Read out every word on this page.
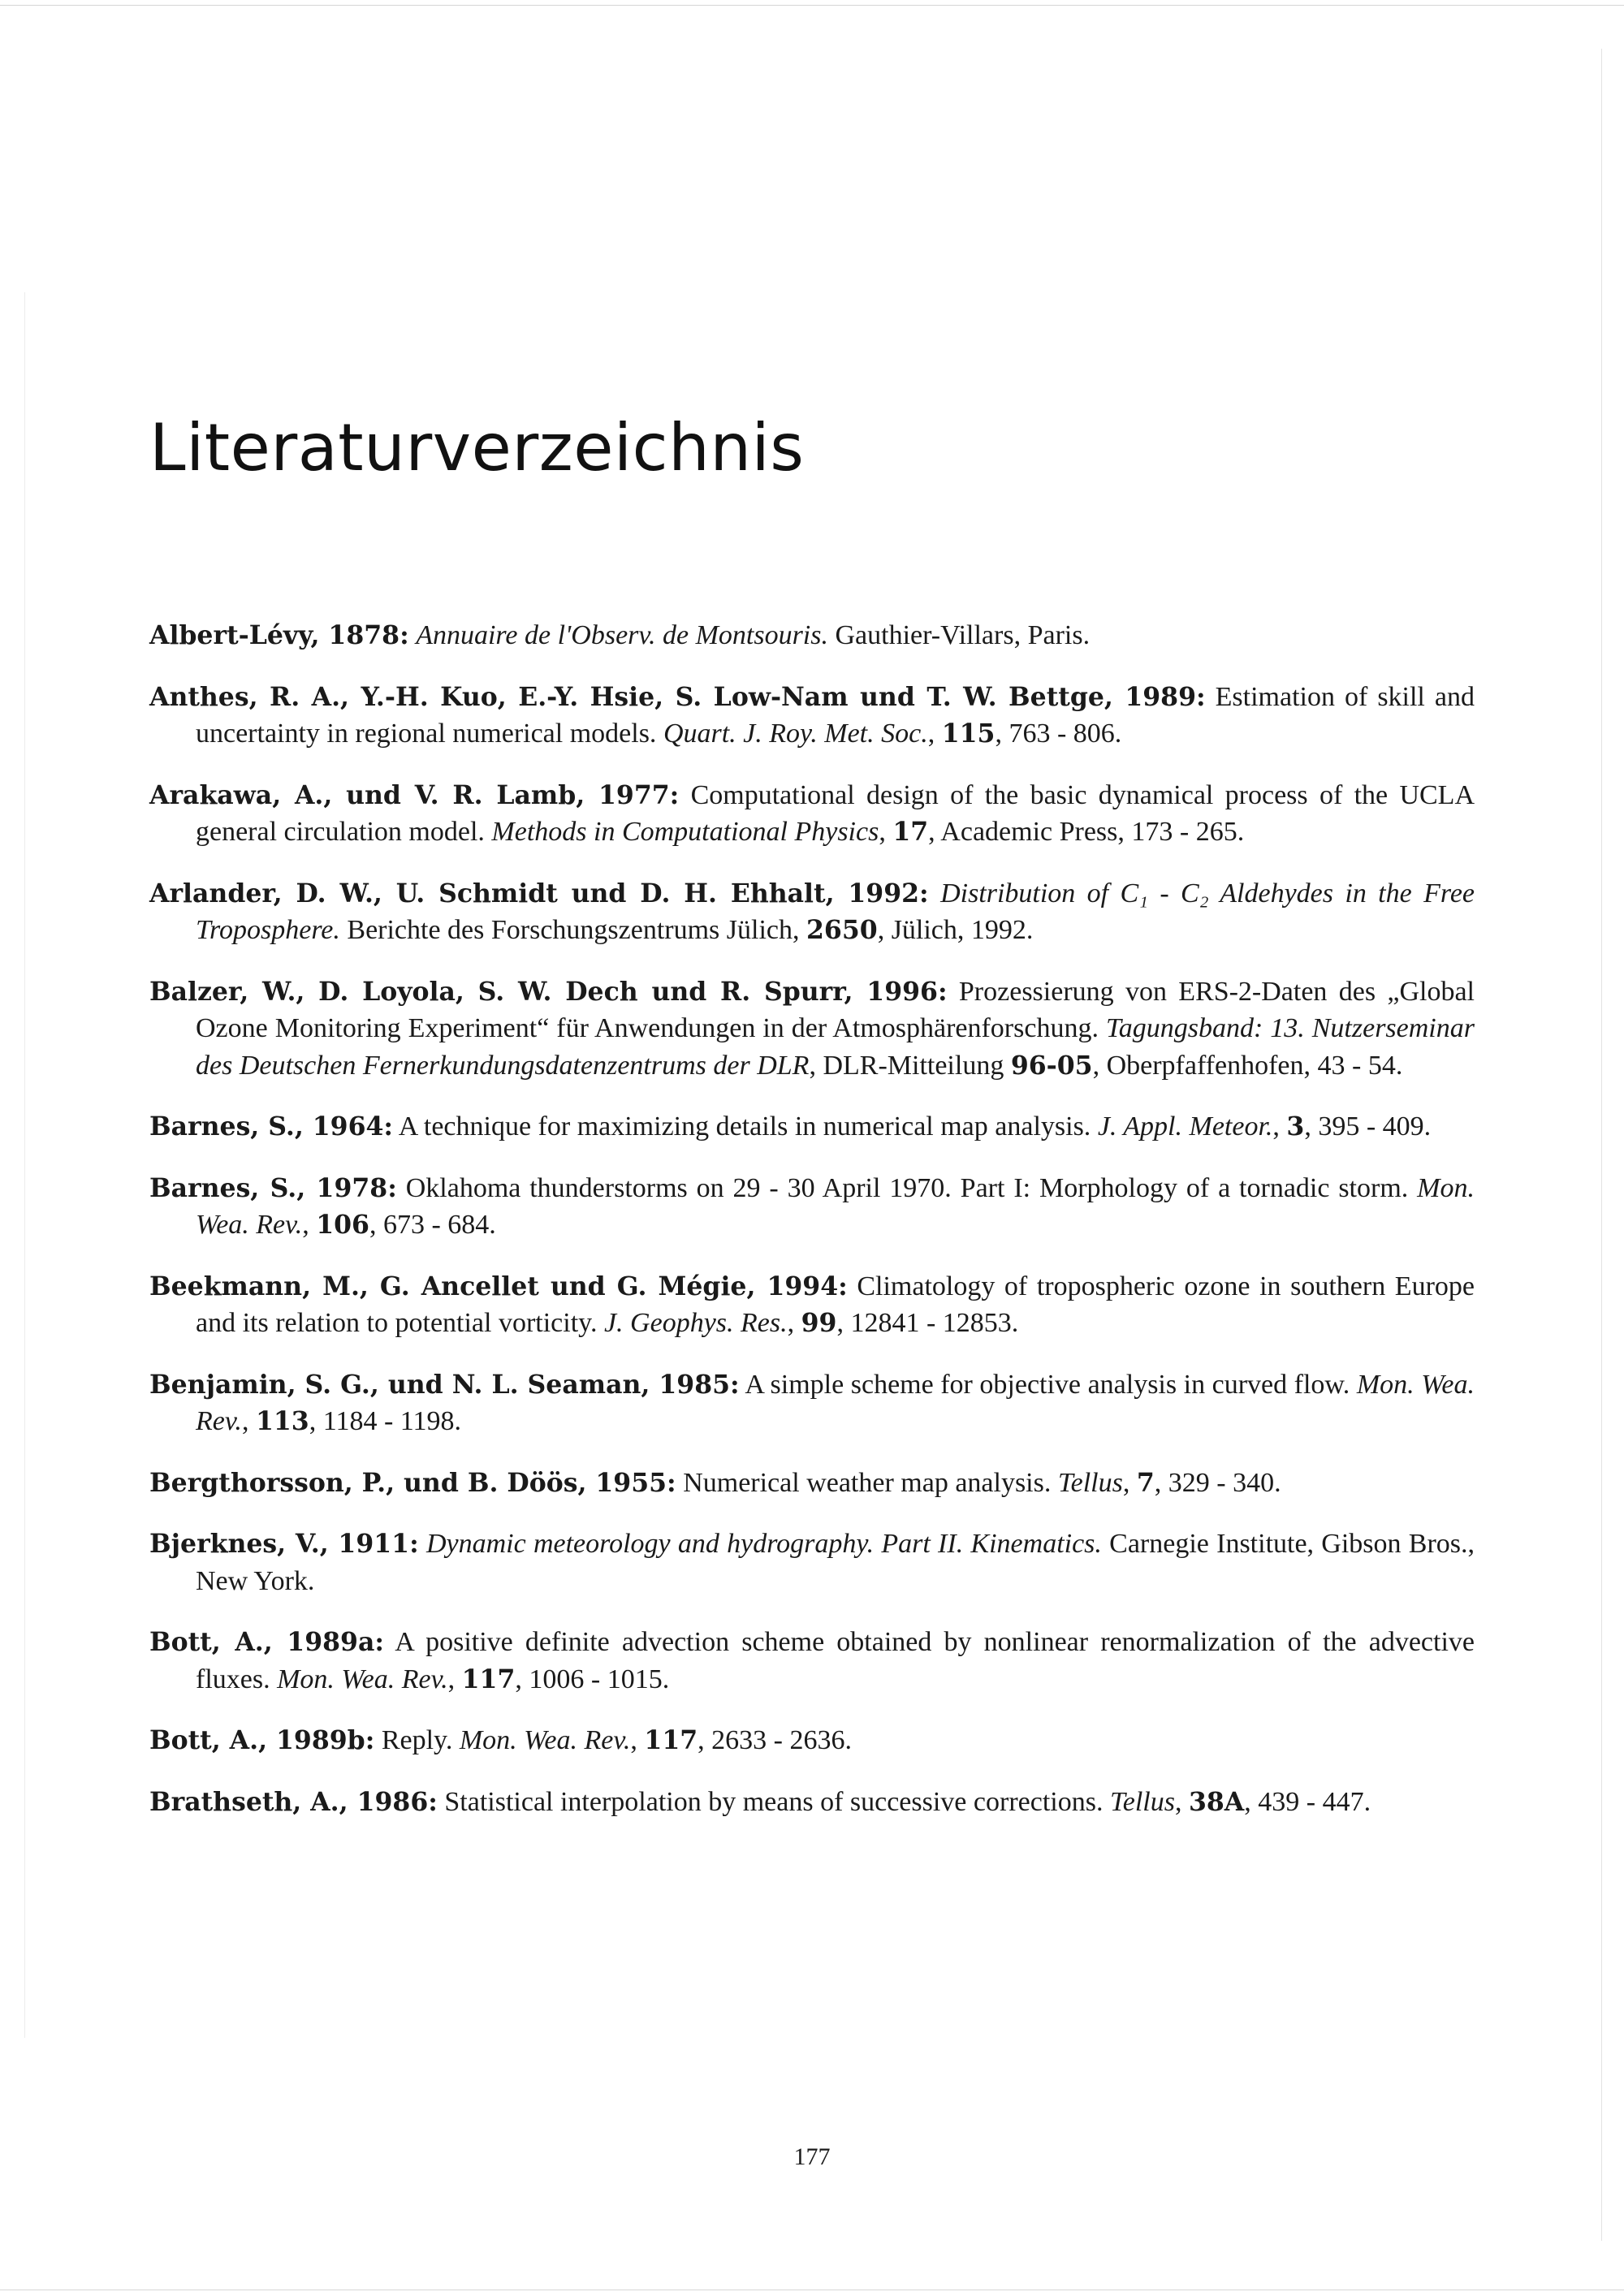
Literaturverzeichnis
Albert-Lévy, 1878: Annuaire de l'Observ. de Montsouris. Gauthier-Villars, Paris.
Anthes, R. A., Y.-H. Kuo, E.-Y. Hsie, S. Low-Nam und T. W. Bettge, 1989: Estimation of skill and uncertainty in regional numerical models. Quart. J. Roy. Met. Soc., 115, 763 - 806.
Arakawa, A., und V. R. Lamb, 1977: Computational design of the basic dynamical process of the UCLA general circulation model. Methods in Computational Physics, 17, Academic Press, 173 - 265.
Arlander, D. W., U. Schmidt und D. H. Ehhalt, 1992: Distribution of C₁ - C₂ Aldehydes in the Free Troposphere. Berichte des Forschungszentrums Jülich, 2650, Jülich, 1992.
Balzer, W., D. Loyola, S. W. Dech und R. Spurr, 1996: Prozessierung von ERS-2-Daten des „Global Ozone Monitoring Experiment“ für Anwendungen in der Atmosphärenforschung. Tagungsband: 13. Nutzerseminar des Deutschen Fernerkundungsdatenzentrums der DLR, DLR-Mitteilung 96-05, Oberpfaffenhofen, 43 - 54.
Barnes, S., 1964: A technique for maximizing details in numerical map analysis. J. Appl. Meteor., 3, 395 - 409.
Barnes, S., 1978: Oklahoma thunderstorms on 29 - 30 April 1970. Part I: Morphology of a tornadic storm. Mon. Wea. Rev., 106, 673 - 684.
Beekmann, M., G. Ancellet und G. Mégie, 1994: Climatology of tropospheric ozone in southern Europe and its relation to potential vorticity. J. Geophys. Res., 99, 12841 - 12853.
Benjamin, S. G., und N. L. Seaman, 1985: A simple scheme for objective analysis in curved flow. Mon. Wea. Rev., 113, 1184 - 1198.
Bergthorsson, P., und B. Döös, 1955: Numerical weather map analysis. Tellus, 7, 329 - 340.
Bjerknes, V., 1911: Dynamic meteorology and hydrography. Part II. Kinematics. Carnegie Institute, Gibson Bros., New York.
Bott, A., 1989a: A positive definite advection scheme obtained by nonlinear renormalization of the advective fluxes. Mon. Wea. Rev., 117, 1006 - 1015.
Bott, A., 1989b: Reply. Mon. Wea. Rev., 117, 2633 - 2636.
Brathseth, A., 1986: Statistical interpolation by means of successive corrections. Tellus, 38A, 439 - 447.
177
